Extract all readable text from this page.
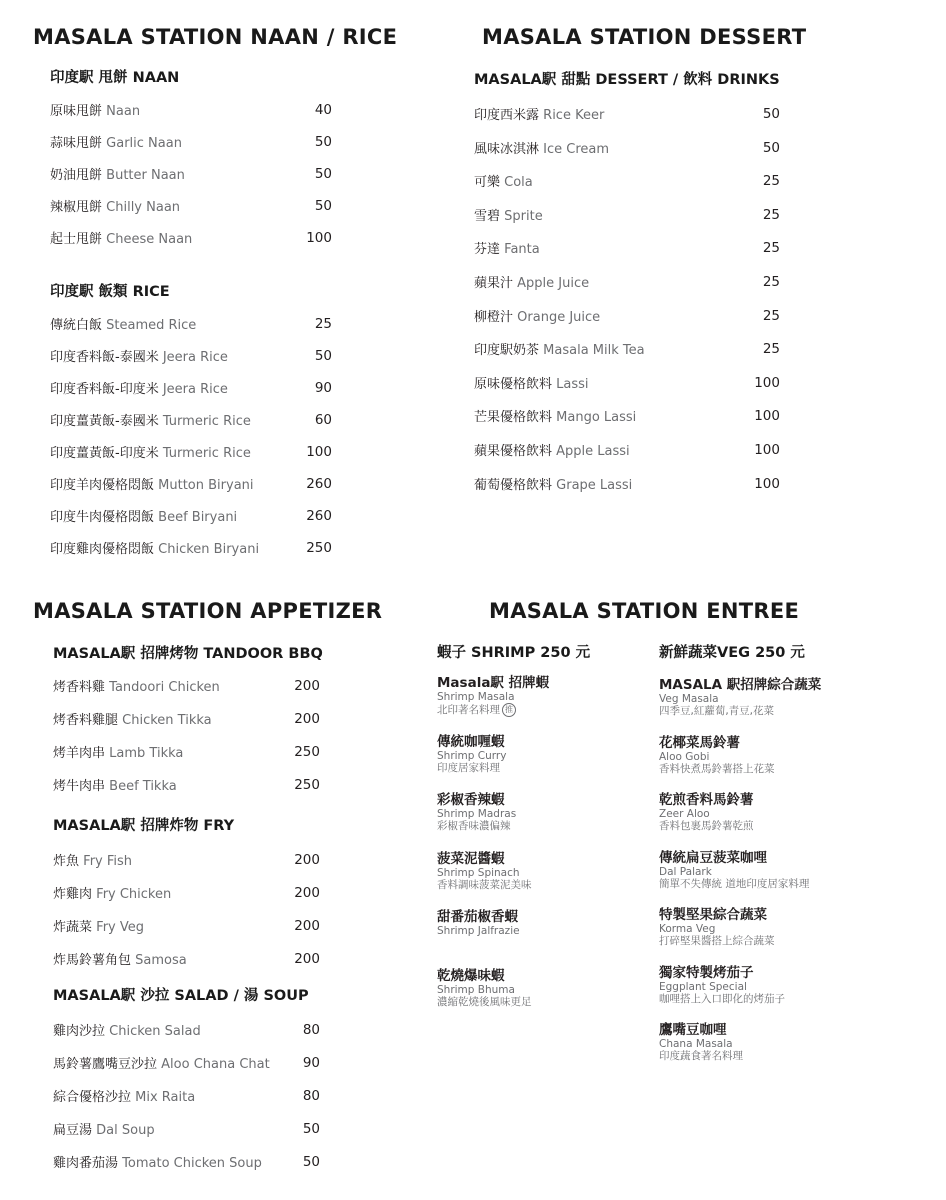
MASALA STATION NAAN / RICE
印度駅 甩餅 NAAN
原味甩餅 Naan	40
蒜味甩餅 Garlic Naan	50
奶油甩餅 Butter Naan	50
辣椒甩餅 Chilly Naan	50
起士甩餅 Cheese Naan	100
印度駅 飯類 RICE
傳統白飯 Steamed Rice	25
印度香料飯-泰國米 Jeera Rice	50
印度香料飯-印度米 Jeera Rice	90
印度薑黃飯-泰國米 Turmeric Rice	60
印度薑黃飯-印度米 Turmeric Rice	100
印度羊肉優格悶飯 Mutton Biryani	260
印度牛肉優格悶飯 Beef Biryani	260
印度雞肉優格悶飯 Chicken Biryani	250
MASALA STATION DESSERT
MASALA駅 甜點 DESSERT / 飲料 DRINKS
印度西米露 Rice Keer	50
風味冰淇淋 Ice Cream	50
可樂 Cola	25
雪碧 Sprite	25
芬達 Fanta	25
蘋果汁 Apple Juice	25
柳橙汁 Orange Juice	25
印度駅奶茶 Masala Milk Tea	25
原味優格飲料 Lassi	100
芒果優格飲料 Mango Lassi	100
蘋果優格飲料 Apple Lassi	100
葡萄優格飲料 Grape Lassi	100
MASALA STATION APPETIZER
MASALA駅 招牌烤物 TANDOOR BBQ
烤香料雞 Tandoori Chicken	200
烤香料雞腿 Chicken Tikka	200
烤羊肉串 Lamb Tikka	250
烤牛肉串 Beef Tikka	250
MASALA駅 招牌炸物 FRY
炸魚 Fry Fish	200
炸雞肉 Fry Chicken	200
炸蔬菜 Fry Veg	200
炸馬鈴薯角包 Samosa	200
MASALA駅 沙拉 SALAD / 湯 SOUP
雞肉沙拉 Chicken Salad	80
馬鈴薯鷹嘴豆沙拉 Aloo Chana Chat	90
綜合優格沙拉 Mix Raita	80
扁豆湯 Dal Soup	50
雞肉番茄湯 Tomato Chicken Soup	50
MASALA STATION ENTREE
蝦子 SHRIMP 250 元
Masala駅 招牌蝦
Shrimp Masala
北印著名料理 推
傳統咖喱蝦
Shrimp Curry
印度居家料理
彩椒香辣蝦
Shrimp Madras
彩椒香味濃偏辣
菠菜泥醬蝦
Shrimp Spinach
香料調味菠菜泥美味
甜番茄椒香蝦
Shrimp Jalfrazie
乾燒爆味蝦
Shrimp Bhuma
濃縮乾燒後風味更足
新鮮蔬菜VEG 250 元
MASALA 駅招牌綜合蔬菜
Veg Masala
四季豆,紅蘿蔔,青豆,花菜
花椰菜馬鈴薯
Aloo Gobi
香料快煮馬鈴薯搭上花菜
乾煎香料馬鈴薯
Zeer Aloo
香料包裹馬鈴薯乾煎
傳統扁豆菠菜咖哩
Dal Palark
簡單不失傳統 道地印度居家料理
特製堅果綜合蔬菜
Korma Veg
打碎堅果醬搭上綜合蔬菜
獨家特製烤茄子
Eggplant Special
咖哩搭上入口即化的烤茄子
鷹嘴豆咖哩
Chana Masala
印度蔬食著名料理
